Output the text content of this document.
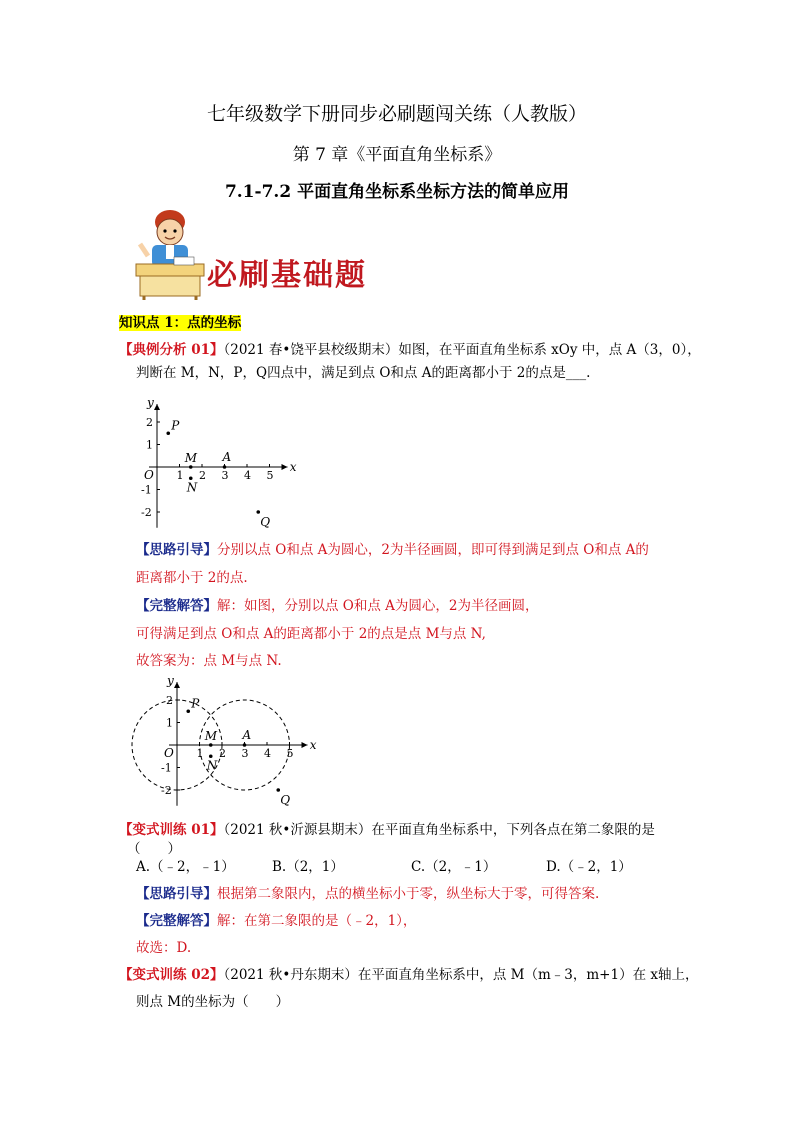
七年级数学下册同步必刷题闯关练（人教版）
第 7 章《平面直角坐标系》
7.1-7.2 平面直角坐标系坐标方法的简单应用
必刷基础题
知识点 1：点的坐标
【典例分析 01】（2021 春•饶平县校级期末）如图，在平面直角坐标系 xOy 中，点 A（3，0），
判断在 M，N，P，Q四点中，满足到点 O和点 A的距离都小于 2的点是___.
x
y
O 1 2 3 4 5
2
1
-1
-2
P
M
N
A
Q
【思路引导】分别以点 O和点 A为圆心，2为半径画圆，即可得到满足到点 O和点 A的
距离都小于 2的点.
【完整解答】解：如图，分别以点 O和点 A为圆心，2为半径画圆，
可得满足到点 O和点 A的距离都小于 2的点是点 M与点 N,
故答案为：点 M与点 N.
x
y
O 1 2 3 4 5
2
1
-1
-2
P
M
N
A
Q
【变式训练 01】（2021 秋•沂源县期末）在平面直角坐标系中，下列各点在第二象限的是
（　　）
A.（﹣2，﹣1）	B.（2，1）	C.（2，﹣1）	D.（﹣2，1）
【思路引导】根据第二象限内，点的横坐标小于零，纵坐标大于零，可得答案.
【完整解答】解：在第二象限的是（﹣2，1），
故选：D.
【变式训练 02】（2021 秋•丹东期末）在平面直角坐标系中，点 M（m﹣3，m+1）在 x轴上，
则点 M的坐标为（　　）
